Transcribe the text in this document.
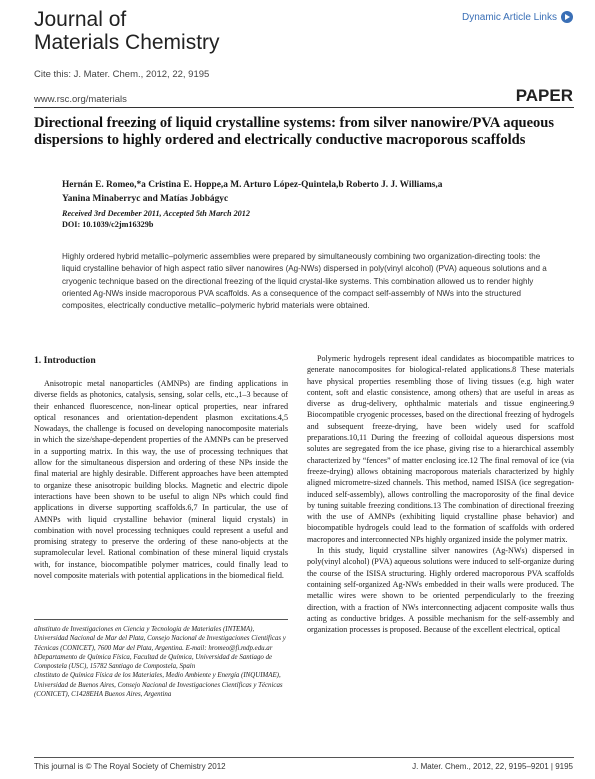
Journal of
Materials Chemistry
Dynamic Article Links
Cite this: J. Mater. Chem., 2012, 22, 9195
www.rsc.org/materials	PAPER
Directional freezing of liquid crystalline systems: from silver nanowire/PVA aqueous dispersions to highly ordered and electrically conductive macroporous scaffolds
Hernán E. Romeo,*a Cristina E. Hoppe,a M. Arturo López-Quintela,b Roberto J. J. Williams,a
Yanina Minaberryc and Matías Jobbágyc
Received 3rd December 2011, Accepted 5th March 2012
DOI: 10.1039/c2jm16329b
Highly ordered hybrid metallic–polymeric assemblies were prepared by simultaneously combining two organization-directing tools: the liquid crystalline behavior of high aspect ratio silver nanowires (Ag-NWs) dispersed in poly(vinyl alcohol) (PVA) aqueous solutions and a cryogenic technique based on the directional freezing of the liquid crystal-like systems. This combination allowed us to render highly oriented Ag-NWs inside macroporous PVA scaffolds. As a consequence of the compact self-assembly of NWs into the structured composites, electrically conductive metallic–polymeric hybrid materials were obtained.
1. Introduction

Anisotropic metal nanoparticles (AMNPs) are finding applications in diverse fields as photonics, catalysis, sensing, solar cells, etc.,1–3 because of their enhanced fluorescence, non-linear optical properties, near infrared optical resonances and orientation-dependent plasmon excitations.4,5 Nowadays, the challenge is focused on developing nanocomposite materials in which the size/shape-dependent properties of the AMNPs can be preserved in a supporting matrix. In this way, the use of processing techniques that allow for the simultaneous dispersion and ordering of these NPs inside the final material are highly desirable. Different approaches have been attempted to organize these anisotropic building blocks. Magnetic and electric dipole interactions have been shown to be useful to align NPs which could find applications in diverse supporting scaffolds.6,7 In particular, the use of AMNPs with liquid crystalline behavior (mineral liquid crystals) in combination with novel processing techniques could represent a useful and promising strategy to preserve the ordering of these nano-objects at the supramolecular level. Rational combination of these mineral liquid crystals with, for instance, biocompatible polymer matrices, could finally lead to novel composite materials with potential applications in the biomedical field.

Polymeric hydrogels represent ideal candidates as biocompatible matrices to generate nanocomposites for biological-related applications.8 These materials have physical properties resembling those of living tissues (e.g. high water content, soft and elastic consistence, among others) that are useful in areas as diverse as drug-delivery, ophthalmic materials and tissue engineering.9 Biocompatible cryogenic processes, based on the directional freezing of hydrogels and subsequent freeze-drying, have been widely used for scaffold preparations.10,11 During the freezing of colloidal aqueous dispersions most solutes are segregated from the ice phase, giving rise to a hierarchical assembly characterized by “fences” of matter enclosing ice.12 The final removal of ice (via freeze-drying) allows obtaining macroporous materials characterized by highly aligned micrometre-sized channels. This method, named ISISA (ice segregation-induced self-assembly), allows controlling the macroporosity of the final device by tuning suitable freezing conditions.13 The combination of directional freezing with the use of AMNPs (exhibiting liquid crystalline phase behavior) and biocompatible hydrogels could lead to the formation of scaffolds with ordered macropores and interconnected NPs highly organized inside the polymer matrix.

In this study, liquid crystalline silver nanowires (Ag-NWs) dispersed in poly(vinyl alcohol) (PVA) aqueous solutions were induced to self-organize during the course of the ISISA structuring. Highly ordered macroporous PVA scaffolds containing self-organized Ag-NWs embedded in their walls were produced. The metallic wires were shown to be oriented perpendicularly to the freezing direction, with a fraction of NWs interconnecting adjacent composite walls thus acting as conductive bridges. A possible mechanism for the self-assembly and organization processes is proposed. Because of the excellent electrical, optical

aInstituto de Investigaciones en Ciencia y Tecnología de Materiales (INTEMA), Universidad Nacional de Mar del Plata, Consejo Nacional de Investigaciones Científicas y Técnicas (CONICET), 7600 Mar del Plata, Argentina. E-mail: hromeo@fi.mdp.edu.ar

bDepartamento de Química Física, Facultad de Química, Universidad de Santiago de Compostela (USC), 15782 Santiago de Compostela, Spain

cInstituto de Química Física de los Materiales, Medio Ambiente y Energía (INQUIMAE), Universidad de Buenos Aires, Consejo Nacional de Investigaciones Científicas y Técnicas (CONICET), C1428EHA Buenos Aires, Argentina

This journal is © The Royal Society of Chemistry 2012	J. Mater. Chem., 2012, 22, 9195–9201 | 9195
